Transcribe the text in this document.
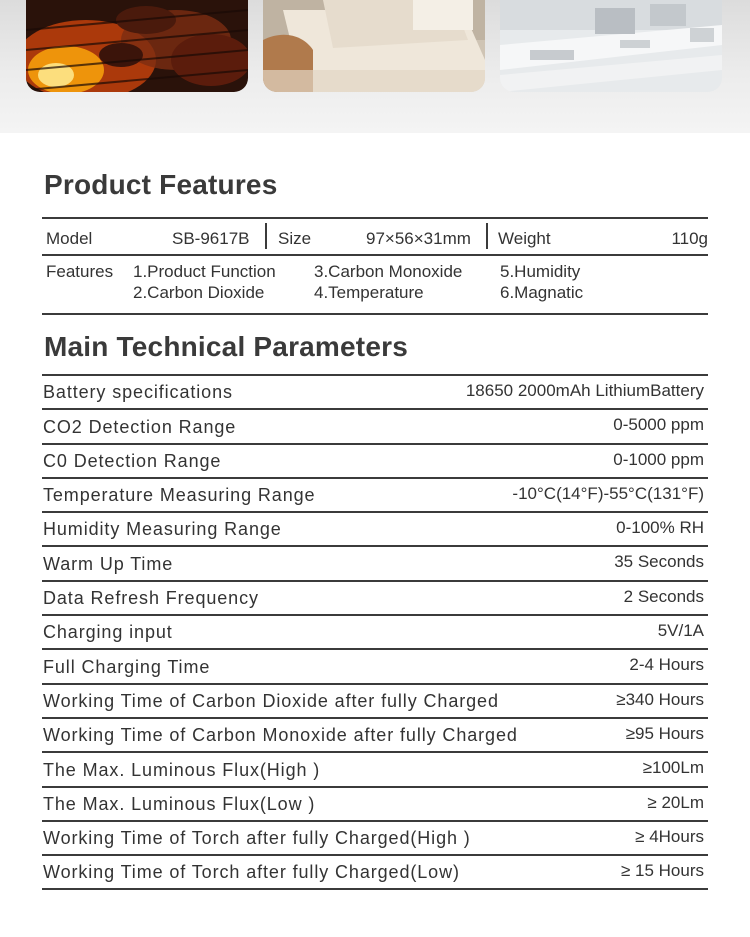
Product Features
Model	SB-9617B Size	97×56×31mm Weight	110g
Features 1.Product Function
2.Carbon Dioxide
3.Carbon Monoxide
4.Temperature
5.Humidity
6.Magnatic
Main Technical Parameters
Battery specifications	18650 2000mAh LithiumBattery
CO2 Detection Range	0-5000 ppm
C0 Detection Range	0-1000 ppm
Temperature Measuring Range	-10°C(14°F)-55°C(131°F)
Humidity Measuring Range	0-100% RH
Warm Up Time	35 Seconds
Data Refresh Frequency	2 Seconds
Charging input	5V/1A
Full Charging Time	2-4 Hours
Working Time of Carbon Dioxide after fully Charged	≥340 Hours
Working Time of Carbon Monoxide after fully Charged	≥95 Hours
The Max. Luminous Flux(High )	≥100Lm
The Max. Luminous Flux(Low )	≥ 20Lm
Working Time of Torch after fully Charged(High )	≥ 4Hours
Working Time of Torch after fully Charged(Low)	≥ 15 Hours
